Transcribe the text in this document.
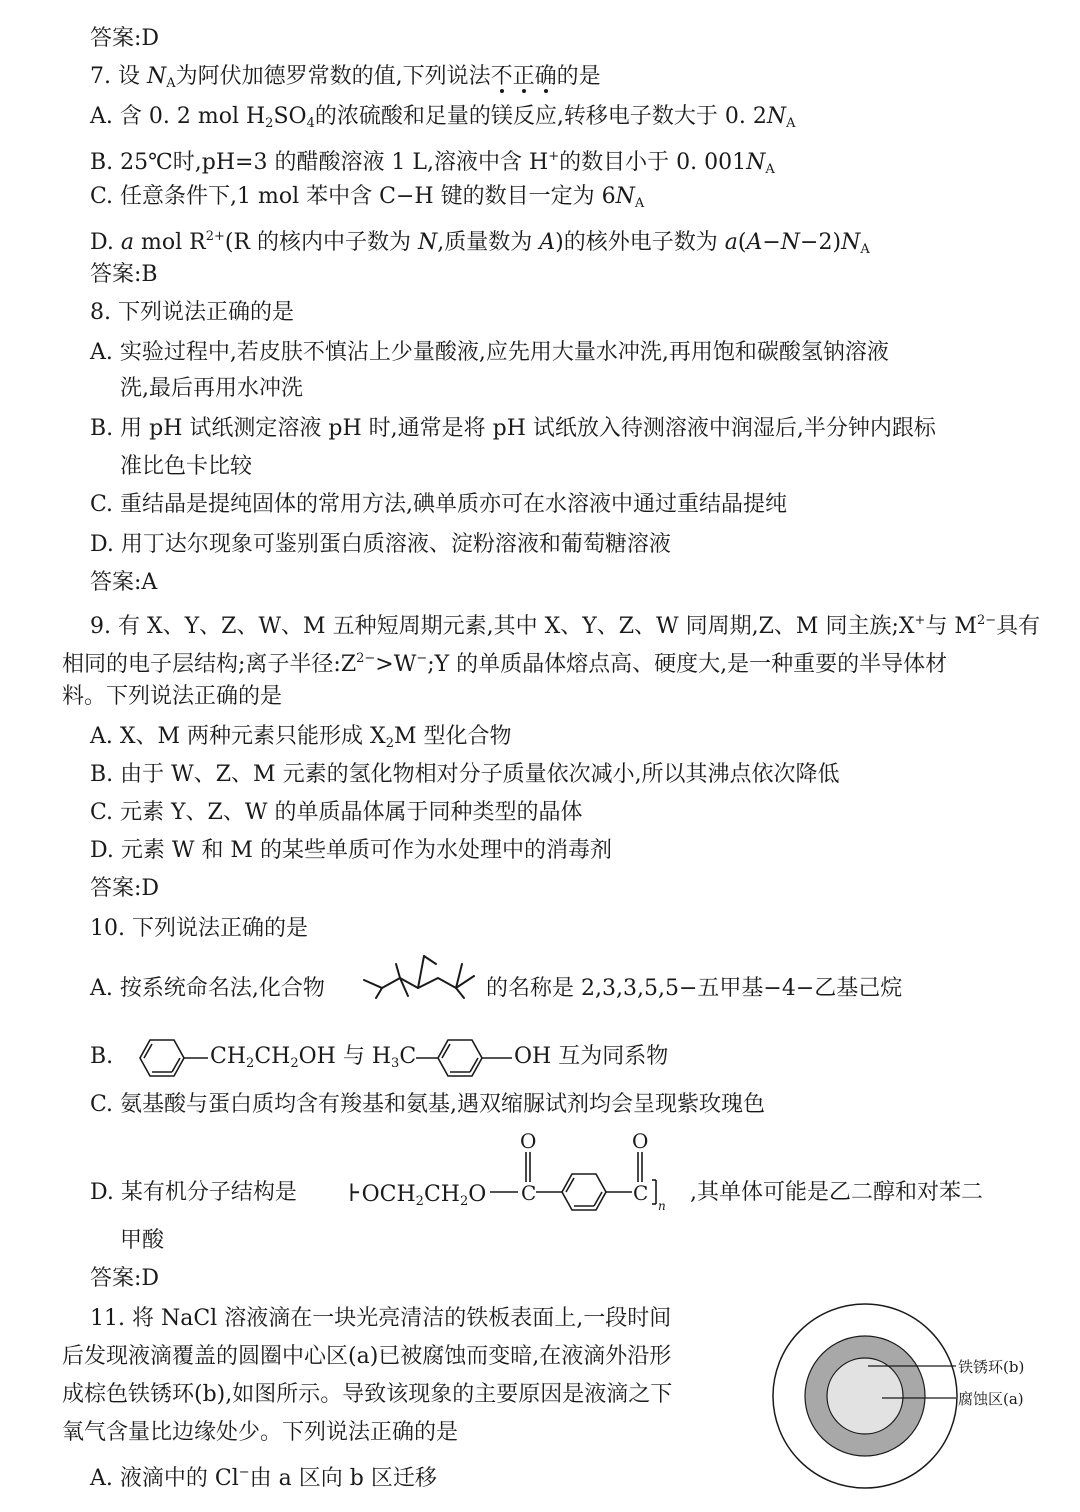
答案:D
7. 设 NA为阿伏加德罗常数的值,下列说法不正确的是
A. 含 0. 2 mol H2SO4的浓硫酸和足量的镁反应,转移电子数大于 0. 2NA
B. 25℃时,pH=3 的醋酸溶液 1 L,溶液中含 H+的数目小于 0. 001NA
C. 任意条件下,1 mol 苯中含 C−H 键的数目一定为 6NA
D. a mol $R^{2+}(R$ 的核内中子数为 N,质量数为 A)的核外电子数为 a(A−N−2)NA
答案:B
8. 下列说法正确的是
A. 实验过程中,若皮肤不慎沾上少量酸液,应先用大量水冲洗,再用饱和碳酸氢钠溶液
洗,最后再用水冲洗
B. 用 pH 试纸测定溶液 pH 时,通常是将 pH 试纸放入待测溶液中润湿后,半分钟内跟标
准比色卡比较
C. 重结晶是提纯固体的常用方法,碘单质亦可在水溶液中通过重结晶提纯
D. 用丁达尔现象可鉴别蛋白质溶液、淀粉溶液和葡萄糖溶液
答案:A
9. 有 X、Y、Z、W、M 五种短周期元素,其中 X、Y、Z、W 同周期,Z、M 同主族;X+与 $M^{2-}$具有
相同的电子层结构;离子半径$:Z^{2-}>W^-;Y$ 的单质晶体熔点高、硬度大,是一种重要的半导体材
料。下列说法正确的是
A. X、M 两种元素只能形成 X2M 型化合物
B. 由于 W、Z、M 元素的氢化物相对分子质量依次减小,所以其沸点依次降低
C. 元素 Y、Z、W 的单质晶体属于同种类型的晶体
D. 元素 W 和 M 的某些单质可作为水处理中的消毒剂
答案:D
10. 下列说法正确的是
A. 按系统命名法,化合物	的名称是 2,3,3,5,5−五甲基−4−乙基己烷
B.	CH2CH2OH 与 H3C	OH 互为同系物
C. 氨基酸与蛋白质均含有羧基和氨基,遇双缩脲试剂均会呈现紫玫瑰色
D. 某有机分子结构是 ⊦OCH2CH2O C
O
C
O
n
,其单体可能是乙二醇和对苯二
甲酸
答案:D
11. 将 NaCl 溶液滴在一块光亮清洁的铁板表面上,一段时间
后发现液滴覆盖的圆圈中心区(a)已被腐蚀而变暗,在液滴外沿形
成棕色铁锈环(b),如图所示。导致该现象的主要原因是液滴之下
氧气含量比边缘处少。下列说法正确的是
A. 液滴中的 Cl−由 a 区向 b 区迁移
铁锈环(b)
腐蚀区(a)
